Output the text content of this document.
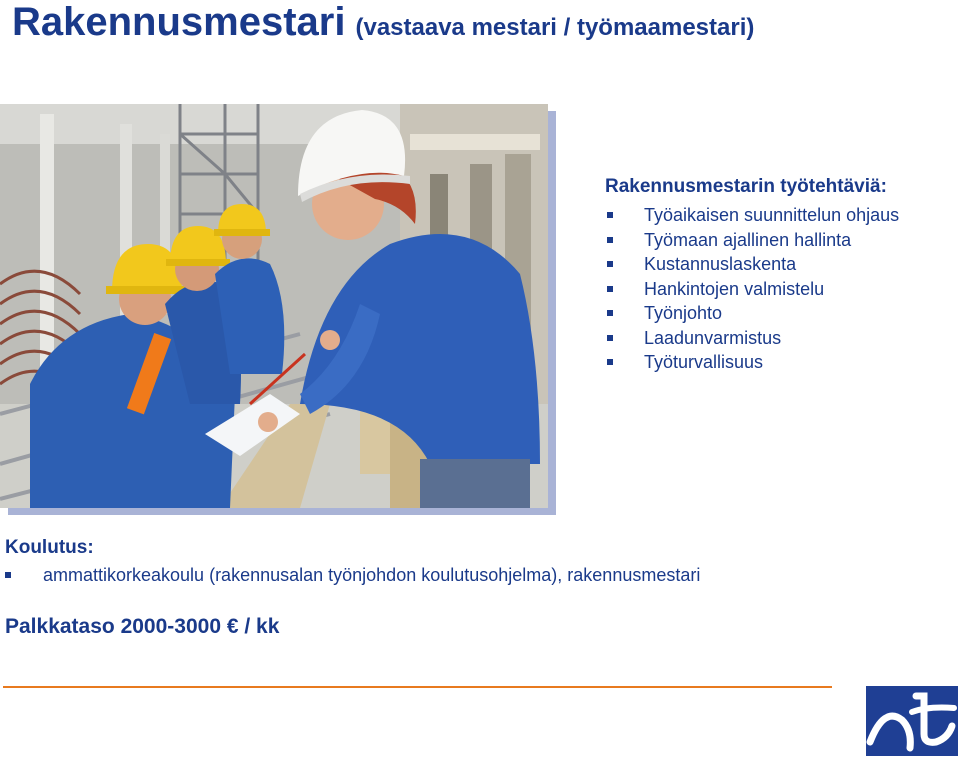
Rakennusmestari (vastaava mestari / työmaamestari)
Rakennusmestarin työtehtäviä:
Työaikaisen suunnittelun ohjaus
Työmaan ajallinen hallinta
Kustannuslaskenta
Hankintojen valmistelu
Työnjohto
Laadunvarmistus
Työturvallisuus
Koulutus:
ammattikorkeakoulu (rakennusalan työnjohdon koulutusohjelma), rakennusmestari
Palkkataso 2000-3000 € / kk
